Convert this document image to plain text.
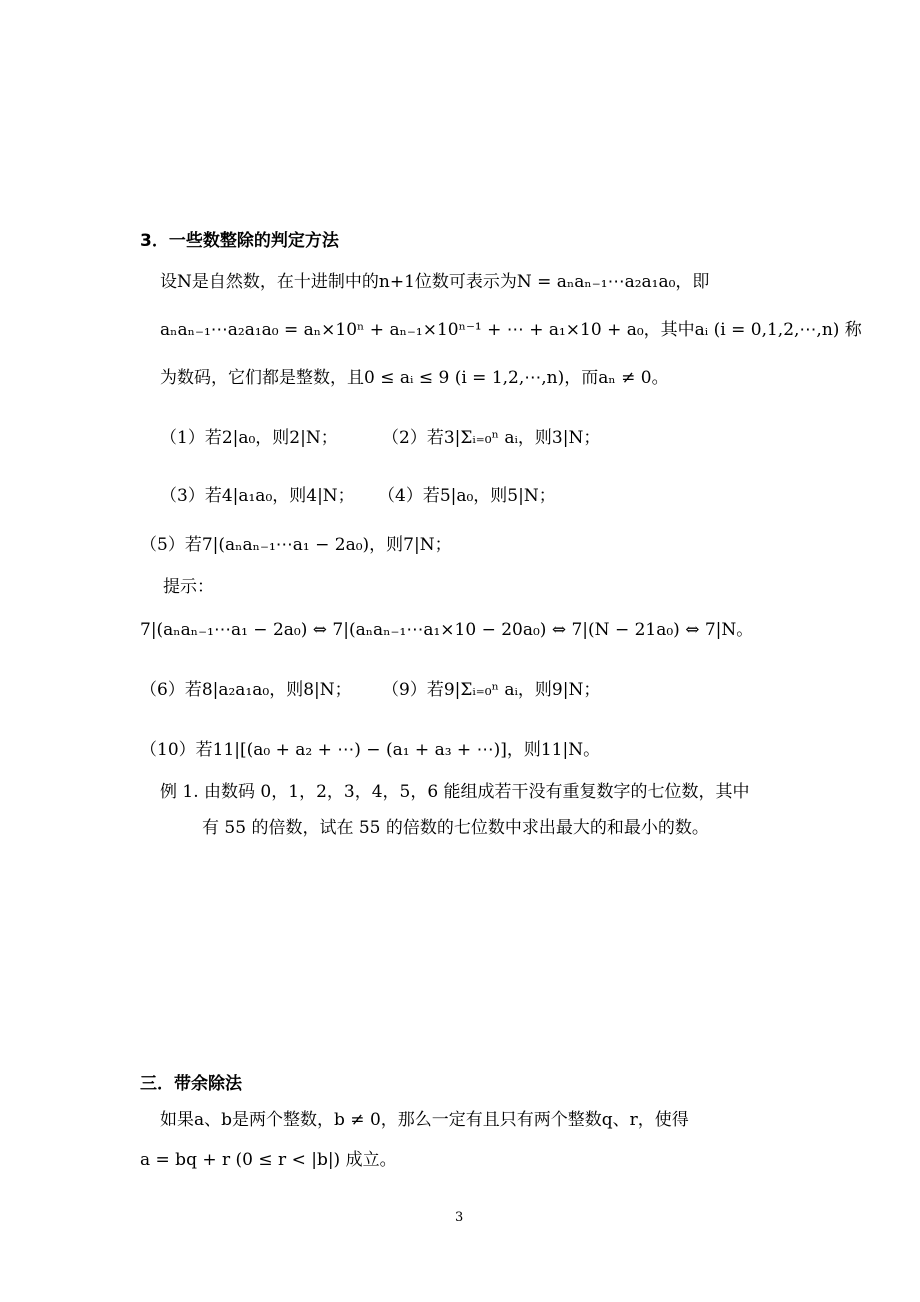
3．一些数整除的判定方法
设N是自然数，在十进制中的n+1位数可表示为N = aₙaₙ₋₁⋯a₂a₁a₀，即
aₙaₙ₋₁⋯a₂a₁a₀ = aₙ×10ⁿ + aₙ₋₁×10ⁿ⁻¹ + ⋯ + a₁×10 + a₀，其中aᵢ (i = 0,1,2,⋯,n) 称
为数码，它们都是整数，且0 ≤ aᵢ ≤ 9 (i = 1,2,⋯,n)，而aₙ ≠ 0。
（1）若2|a₀，则2|N；	（2）若3|Σᵢ₌₀ⁿ aᵢ，则3|N；
（3）若4|a₁a₀，则4|N； （4）若5|a₀，则5|N；
（5）若7|(aₙaₙ₋₁⋯a₁ − 2a₀)，则7|N；
提示：
7|(aₙaₙ₋₁⋯a₁ − 2a₀) ⇔ 7|(aₙaₙ₋₁⋯a₁×10 − 20a₀) ⇔ 7|(N − 21a₀) ⇔ 7|N。
（6）若8|a₂a₁a₀，则8|N； （9）若9|Σᵢ₌₀ⁿ aᵢ，则9|N；
（10）若11|[(a₀ + a₂ + ⋯) − (a₁ + a₃ + ⋯)]，则11|N。
例 1. 由数码 0，1，2，3，4，5，6 能组成若干没有重复数字的七位数，其中
有 55 的倍数，试在 55 的倍数的七位数中求出最大的和最小的数。
三．带余除法
如果a、b是两个整数，b ≠ 0，那么一定有且只有两个整数q、r，使得
a = bq + r (0 ≤ r < |b|) 成立。
3
